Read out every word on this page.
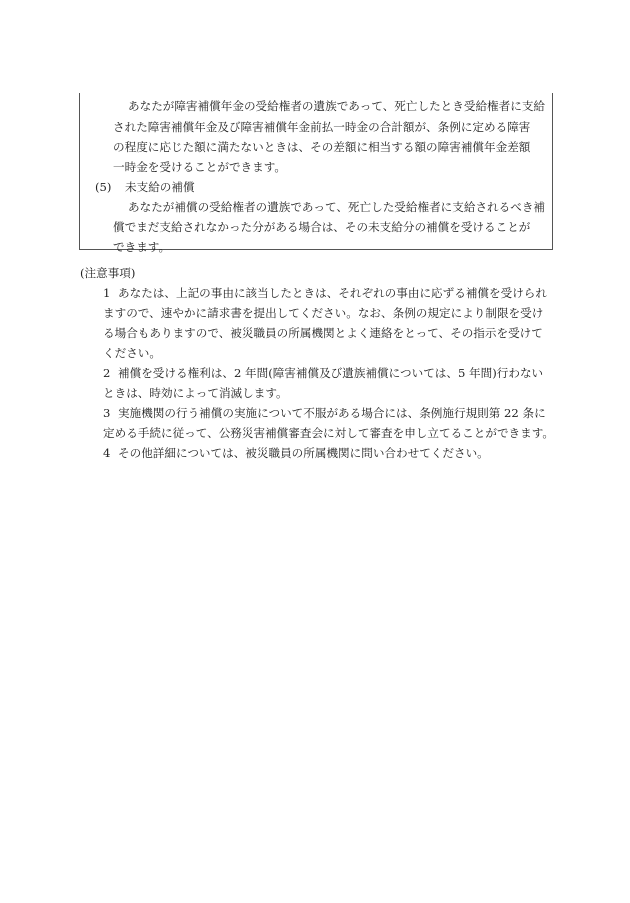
あなたが障害補償年金の受給権者の遺族であって、死亡したとき受給権者に支給
された障害補償年金及び障害補償年金前払一時金の合計額が、条例に定める障害
の程度に応じた額に満たないときは、その差額に相当する額の障害補償年金差額
一時金を受けることができます。
(5) 未支給の補償
あなたが補償の受給権者の遺族であって、死亡した受給権者に支給されるべき補
償でまだ支給されなかった分がある場合は、その未支給分の補償を受けることが
できます。
(注意事項)
1 あなたは、上記の事由に該当したときは、それぞれの事由に応ずる補償を受けられ
ますので、速やかに請求書を提出してください。なお、条例の規定により制限を受け
る場合もありますので、被災職員の所属機関とよく連絡をとって、その指示を受けて
ください。
2 補償を受ける権利は、2 年間(障害補償及び遺族補償については、5 年間)行わない
ときは、時効によって消滅します。
3 実施機関の行う補償の実施について不服がある場合には、条例施行規則第 22 条に
定める手続に従って、公務災害補償審査会に対して審査を申し立てることができます。
4 その他詳細については、被災職員の所属機関に問い合わせてください。
